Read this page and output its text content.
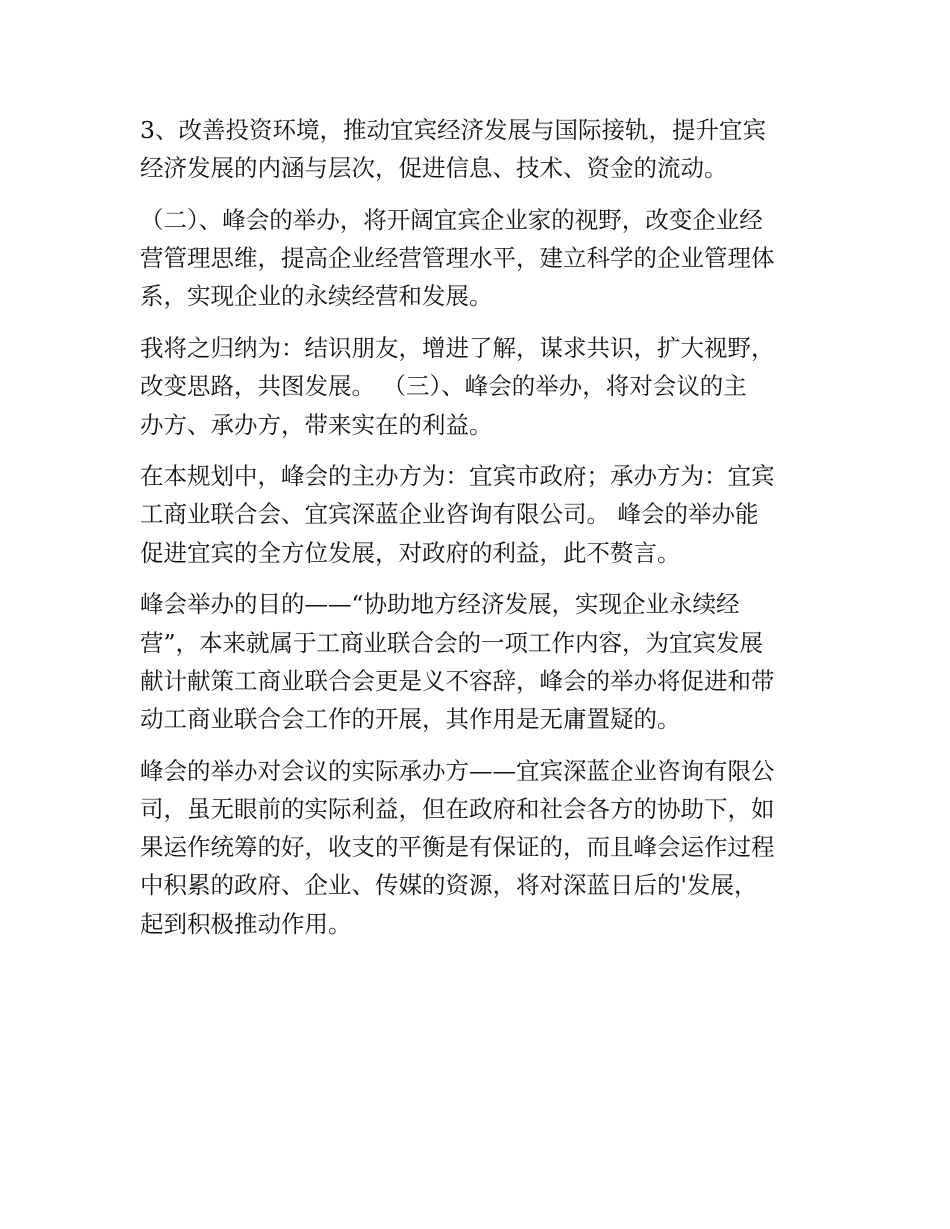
3、改善投资环境，推动宜宾经济发展与国际接轨，提升宜宾
经济发展的内涵与层次，促进信息、技术、资金的流动。
（二）、峰会的举办，将开阔宜宾企业家的视野，改变企业经
营管理思维，提高企业经营管理水平，建立科学的企业管理体
系，实现企业的永续经营和发展。
我将之归纳为：结识朋友，增进了解，谋求共识，扩大视野，
改变思路，共图发展。 （三）、峰会的举办，将对会议的主
办方、承办方，带来实在的利益。
在本规划中，峰会的主办方为：宜宾市政府；承办方为：宜宾
工商业联合会、宜宾深蓝企业咨询有限公司。 峰会的举办能
促进宜宾的全方位发展，对政府的利益，此不赘言。
峰会举办的目的——“协助地方经济发展，实现企业永续经
营”，本来就属于工商业联合会的一项工作内容，为宜宾发展
献计献策工商业联合会更是义不容辞，峰会的举办将促进和带
动工商业联合会工作的开展，其作用是无庸置疑的。
峰会的举办对会议的实际承办方——宜宾深蓝企业咨询有限公
司，虽无眼前的实际利益，但在政府和社会各方的协助下，如
果运作统筹的好，收支的平衡是有保证的，而且峰会运作过程
中积累的政府、企业、传媒的资源，将对深蓝日后的'发展，
起到积极推动作用。
